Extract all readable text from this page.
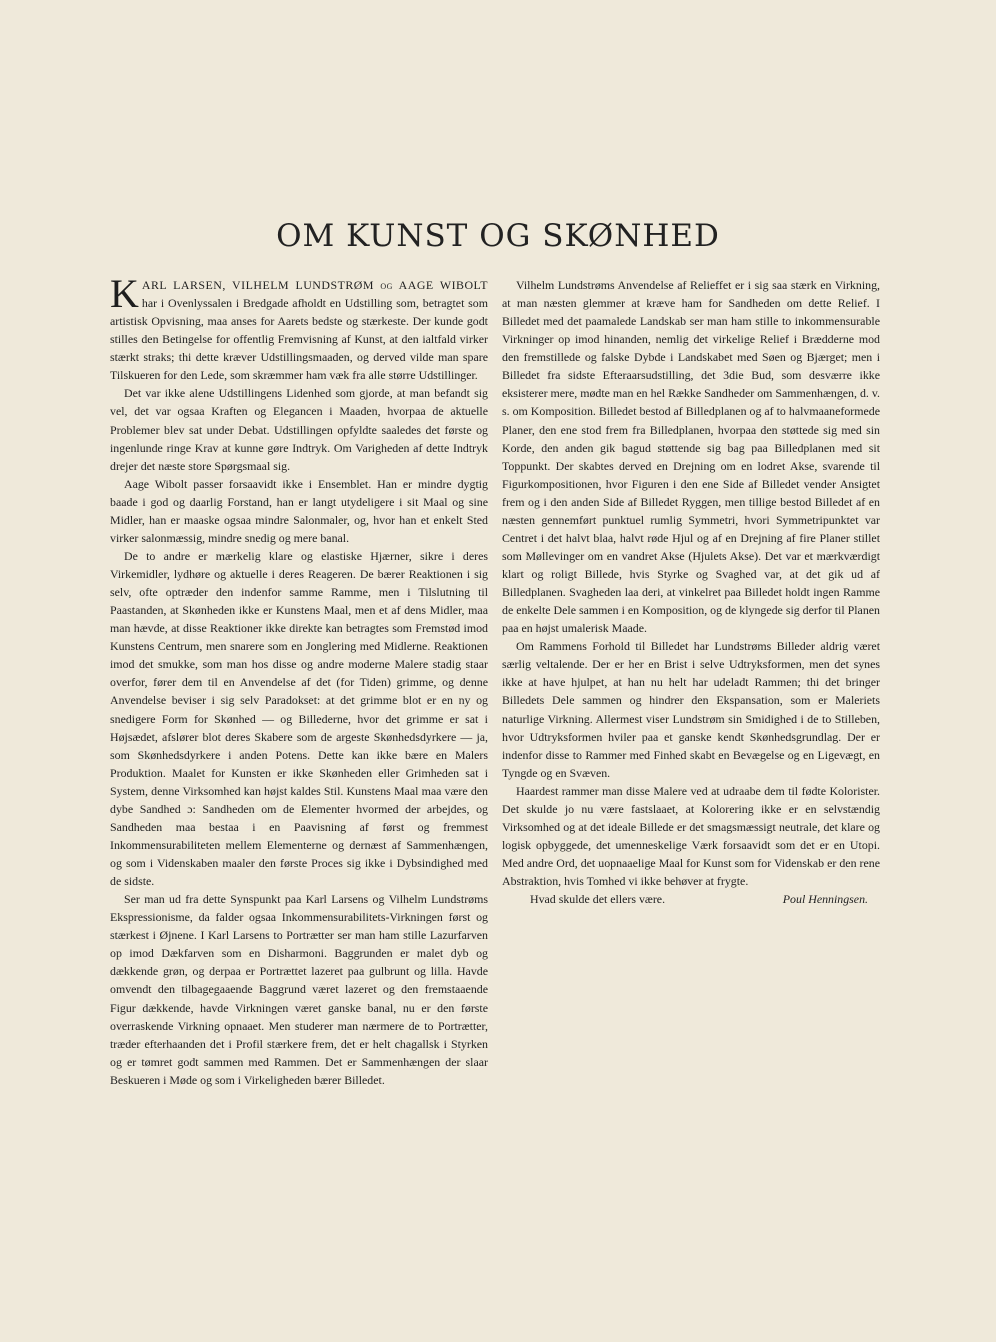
OM KUNST OG SKØNHED

KARL LARSEN, VILHELM LUNDSTRØM og AAGE WIBOLT har i Ovenlyssalen i Bredgade afholdt en Udstilling som, betragtet som artistisk Opvisning, maa anses for Aarets bedste og stærkeste. Der kunde godt stilles den Betingelse for offentlig Fremvisning af Kunst, at den ialtfald virker stærkt straks; thi dette kræver Udstillingsmaaden, og derved vilde man spare Tilskueren for den Lede, som skræmmer ham væk fra alle større Udstillinger.

Det var ikke alene Udstillingens Lidenhed som gjorde, at man befandt sig vel, det var ogsaa Kraften og Elegancen i Maaden, hvorpaa de aktuelle Problemer blev sat under Debat. Udstillingen opfyldte saaledes det første og ingenlunde ringe Krav at kunne gøre Indtryk. Om Varigheden af dette Indtryk drejer det næste store Spørgsmaal sig.

Aage Wibolt passer forsaavidt ikke i Ensemblet. Han er mindre dygtig baade i god og daarlig Forstand, han er langt utydeligere i sit Maal og sine Midler, han er maaske ogsaa mindre Salonmaler, og, hvor han et enkelt Sted virker salonmæssig, mindre snedig og mere banal.

De to andre er mærkelig klare og elastiske Hjærner, sikre i deres Virkemidler, lydhøre og aktuelle i deres Reageren. De bærer Reaktionen i sig selv, ofte optræder den indenfor samme Ramme, men i Tilslutning til Paastanden, at Skønheden ikke er Kunstens Maal, men et af dens Midler, maa man hævde, at disse Reaktioner ikke direkte kan betragtes som Fremstød imod Kunstens Centrum, men snarere som en Jonglering med Midlerne. Reaktionen imod det smukke, som man hos disse og andre moderne Malere stadig staar overfor, fører dem til en Anvendelse af det (for Tiden) grimme, og denne Anvendelse beviser i sig selv Paradokset: at det grimme blot er en ny og snedigere Form for Skønhed — og Billederne, hvor det grimme er sat i Højsædet, afslører blot deres Skabere som de argeste Skønhedsdyrkere — ja, som Skønhedsdyrkere i anden Potens. Dette kan ikke bære en Malers Produktion. Maalet for Kunsten er ikke Skønheden eller Grimheden sat i System, denne Virksomhed kan højst kaldes Stil. Kunstens Maal maa være den dybe Sandhed ɔ: Sandheden om de Elementer hvormed der arbejdes, og Sandheden maa bestaa i en Paavisning af først og fremmest Inkommensurabiliteten mellem Elementerne og dernæst af Sammenhængen, og som i Videnskaben maaler den første Proces sig ikke i Dybsindighed med de sidste.

Ser man ud fra dette Synspunkt paa Karl Larsens og Vilhelm Lundstrøms Ekspressionisme, da falder ogsaa Inkommensurabilitets-Virkningen først og stærkest i Øjnene. I Karl Larsens to Portrætter ser man ham stille Lazurfarven op imod Dækfarven som en Disharmoni. Baggrunden er malet dyb og dækkende grøn, og derpaa er Portrættet lazeret paa gulbrunt og lilla. Havde omvendt den tilbagegaaende Baggrund været lazeret og den fremstaaende Figur dækkende, havde Virkningen været ganske banal, nu er den første overraskende Virkning opnaaet. Men studerer man nærmere de to Portrætter, træder efterhaanden det i Profil stærkere frem, det er helt chagallsk i Styrken og er tømret godt sammen med Rammen. Det er Sammenhængen der slaar Beskueren i Møde og som i Virkeligheden bærer Billedet.

Vilhelm Lundstrøms Anvendelse af Relieffet er i sig saa stærk en Virkning, at man næsten glemmer at kræve ham for Sandheden om dette Relief. I Billedet med det paamalede Landskab ser man ham stille to inkommensurable Virkninger op imod hinanden, nemlig det virkelige Relief i Brædderne mod den fremstillede og falske Dybde i Landskabet med Søen og Bjærget; men i Billedet fra sidste Efteraarsudstilling, det 3die Bud, som desværre ikke eksisterer mere, mødte man en hel Række Sandheder om Sammenhængen, d. v. s. om Komposition. Billedet bestod af Billedplanen og af to halvmaaneformede Planer, den ene stod frem fra Billedplanen, hvorpaa den støttede sig med sin Korde, den anden gik bagud støttende sig bag paa Billedplanen med sit Toppunkt. Der skabtes derved en Drejning om en lodret Akse, svarende til Figurkompositionen, hvor Figuren i den ene Side af Billedet vender Ansigtet frem og i den anden Side af Billedet Ryggen, men tillige bestod Billedet af en næsten gennemført punktuel rumlig Symmetri, hvori Symmetripunktet var Centret i det halvt blaa, halvt røde Hjul og af en Drejning af fire Planer stillet som Møllevinger om en vandret Akse (Hjulets Akse). Det var et mærkværdigt klart og roligt Billede, hvis Styrke og Svaghed var, at det gik ud af Billedplanen. Svagheden laa deri, at vinkelret paa Billedet holdt ingen Ramme de enkelte Dele sammen i en Komposition, og de klyngede sig derfor til Planen paa en højst umalerisk Maade.

Om Rammens Forhold til Billedet har Lundstrøms Billeder aldrig været særlig veltalende. Der er her en Brist i selve Udtryksformen, men det synes ikke at have hjulpet, at han nu helt har udeladt Rammen; thi det bringer Billedets Dele sammen og hindrer den Ekspansation, som er Maleriets naturlige Virkning. Allermest viser Lundstrøm sin Smidighed i de to Stilleben, hvor Udtryksformen hviler paa et ganske kendt Skønhedsgrundlag. Der er indenfor disse to Rammer med Finhed skabt en Bevægelse og en Ligevægt, en Tyngde og en Svæven.

Haardest rammer man disse Malere ved at udraabe dem til fødte Kolorister. Det skulde jo nu være fastslaaet, at Kolorering ikke er en selvstændig Virksomhed og at det ideale Billede er det smagsmæssigt neutrale, det klare og logisk opbyggede, det umenneskelige Værk forsaavidt som det er en Utopi. Med andre Ord, det uopnaaelige Maal for Kunst som for Videnskab er den rene Abstraktion, hvis Tomhed vi ikke behøver at frygte.

Hvad skulde det ellers være.	Poul Henningsen.
